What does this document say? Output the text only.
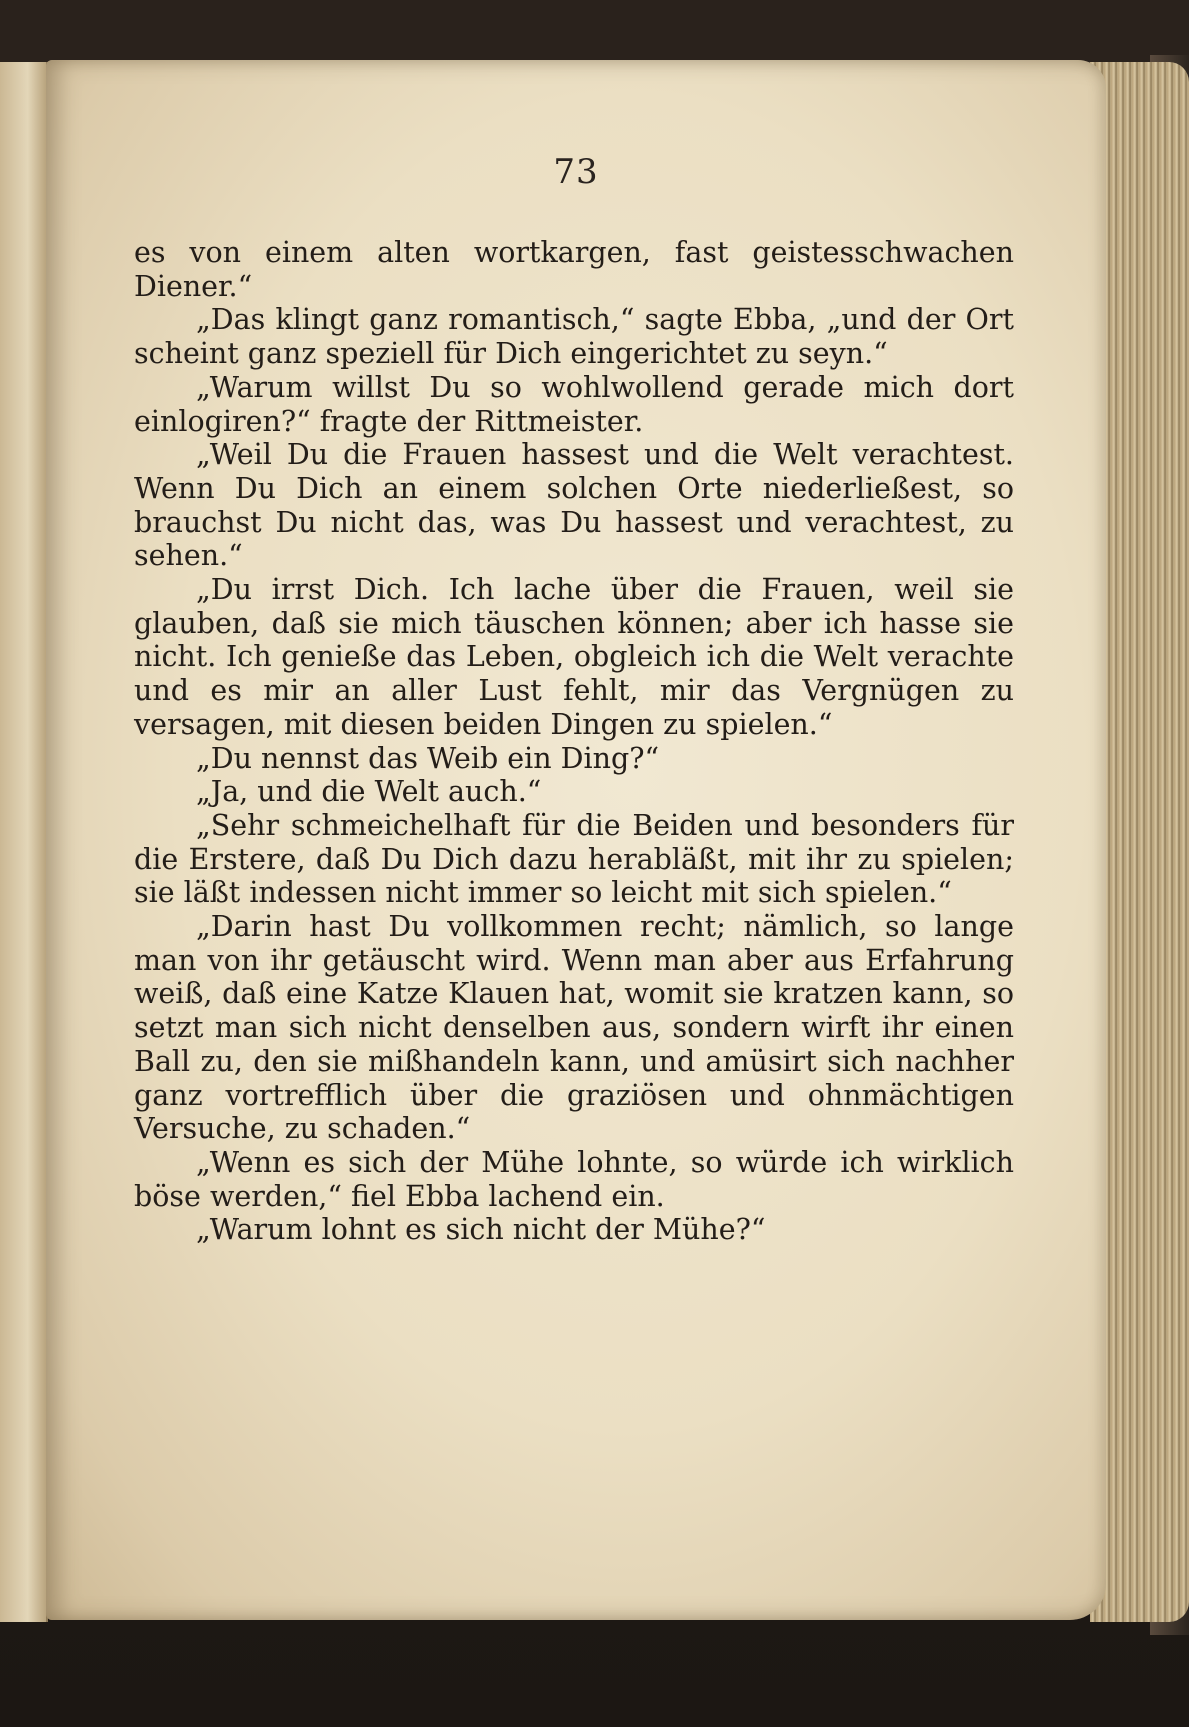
73

es von einem alten wortkargen, fast geistesschwachen Diener.“

„Das klingt ganz romantisch,“ sagte Ebba, „und der Ort scheint ganz speziell für Dich eingerichtet zu seyn.“

„Warum willst Du so wohlwollend gerade mich dort einlogiren?“ fragte der Rittmeister.

„Weil Du die Frauen hassest und die Welt verachtest. Wenn Du Dich an einem solchen Orte niederließest, so brauchst Du nicht das, was Du hassest und verachtest, zu sehen.“

„Du irrst Dich. Ich lache über die Frauen, weil sie glauben, daß sie mich täuschen können; aber ich hasse sie nicht. Ich genieße das Leben, obgleich ich die Welt verachte und es mir an aller Lust fehlt, mir das Vergnügen zu versagen, mit diesen beiden Dingen zu spielen.“

„Du nennst das Weib ein Ding?“

„Ja, und die Welt auch.“

„Sehr schmeichelhaft für die Beiden und besonders für die Erstere, daß Du Dich dazu herabläßt, mit ihr zu spielen; sie läßt indessen nicht immer so leicht mit sich spielen.“

„Darin hast Du vollkommen recht; nämlich, so lange man von ihr getäuscht wird. Wenn man aber aus Erfahrung weiß, daß eine Katze Klauen hat, womit sie kratzen kann, so setzt man sich nicht denselben aus, sondern wirft ihr einen Ball zu, den sie mißhandeln kann, und amüsirt sich nachher ganz vortrefflich über die graziösen und ohnmächtigen Versuche, zu schaden.“

„Wenn es sich der Mühe lohnte, so würde ich wirklich böse werden,“ fiel Ebba lachend ein.

„Warum lohnt es sich nicht der Mühe?“
